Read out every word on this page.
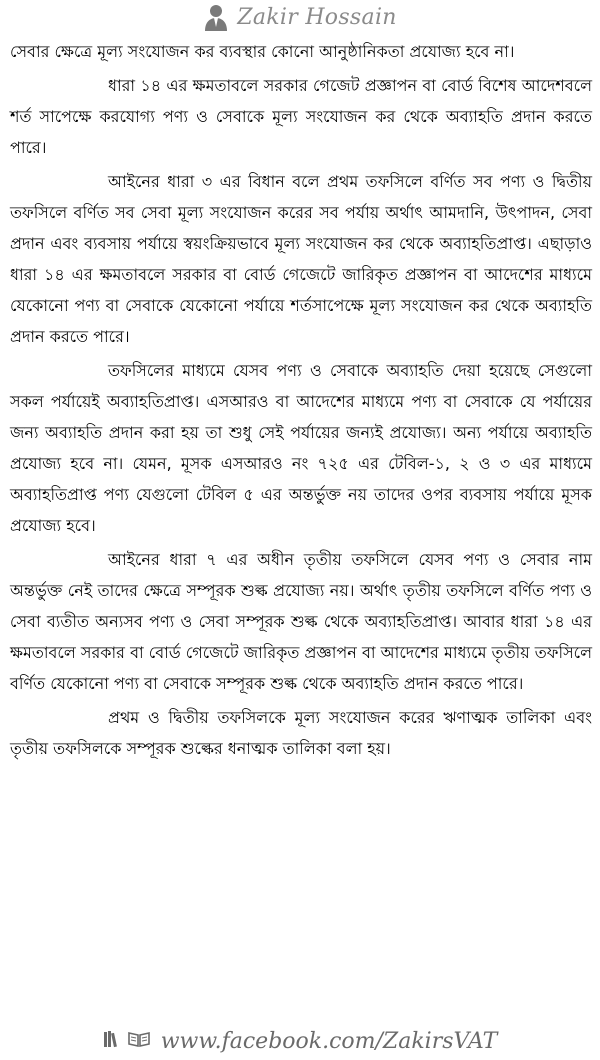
Zakir Hossain

সেবার ক্ষেত্রে মূল্য সংযোজন কর ব্যবস্থার কোনো আনুষ্ঠানিকতা প্রযোজ্য হবে না।

ধারা ১৪ এর ক্ষমতাবলে সরকার গেজেট প্রজ্ঞাপন বা বোর্ড বিশেষ আদেশবলে শর্ত সাপেক্ষে করযোগ্য পণ্য ও সেবাকে মূল্য সংযোজন কর থেকে অব্যাহতি প্রদান করতে পারে।

আইনের ধারা ৩ এর বিধান বলে প্রথম তফসিলে বর্ণিত সব পণ্য ও দ্বিতীয় তফসিলে বর্ণিত সব সেবা মূল্য সংযোজন করের সব পর্যায় অর্থাৎ আমদানি, উৎপাদন, সেবা প্রদান এবং ব্যবসায় পর্যায়ে স্বয়ংক্রিয়ভাবে মূল্য সংযোজন কর থেকে অব্যাহতিপ্রাপ্ত। এছাড়াও ধারা ১৪ এর ক্ষমতাবলে সরকার বা বোর্ড গেজেটে জারিকৃত প্রজ্ঞাপন বা আদেশের মাধ্যমে যেকোনো পণ্য বা সেবাকে যেকোনো পর্যায়ে শর্তসাপেক্ষে মূল্য সংযোজন কর থেকে অব্যাহতি প্রদান করতে পারে।

তফসিলের মাধ্যমে যেসব পণ্য ও সেবাকে অব্যাহতি দেয়া হয়েছে সেগুলো সকল পর্যায়েই অব্যাহতিপ্রাপ্ত। এসআরও বা আদেশের মাধ্যমে পণ্য বা সেবাকে যে পর্যায়ের জন্য অব্যাহতি প্রদান করা হয় তা শুধু সেই পর্যায়ের জন্যই প্রযোজ্য। অন্য পর্যায়ে অব্যাহতি প্রযোজ্য হবে না। যেমন, মূসক এসআরও নং ৭২৫ এর টেবিল-১, ২ ও ৩ এর মাধ্যমে অব্যাহতিপ্রাপ্ত পণ্য যেগুলো টেবিল ৫ এর অন্তর্ভুক্ত নয় তাদের ওপর ব্যবসায় পর্যায়ে মূসক প্রযোজ্য হবে।

আইনের ধারা ৭ এর অধীন তৃতীয় তফসিলে যেসব পণ্য ও সেবার নাম অন্তর্ভুক্ত নেই তাদের ক্ষেত্রে সম্পূরক শুল্ক প্রযোজ্য নয়। অর্থাৎ তৃতীয় তফসিলে বর্ণিত পণ্য ও সেবা ব্যতীত অন্যসব পণ্য ও সেবা সম্পূরক শুল্ক থেকে অব্যাহতিপ্রাপ্ত। আবার ধারা ১৪ এর ক্ষমতাবলে সরকার বা বোর্ড গেজেটে জারিকৃত প্রজ্ঞাপন বা আদেশের মাধ্যমে তৃতীয় তফসিলে বর্ণিত যেকোনো পণ্য বা সেবাকে সম্পূরক শুল্ক থেকে অব্যাহতি প্রদান করতে পারে।

প্রথম ও দ্বিতীয় তফসিলকে মূল্য সংযোজন করের ঋণাত্মক তালিকা এবং তৃতীয় তফসিলকে সম্পূরক শুল্কের ধনাত্মক তালিকা বলা হয়।

www.facebook.com/ZakirsVAT
